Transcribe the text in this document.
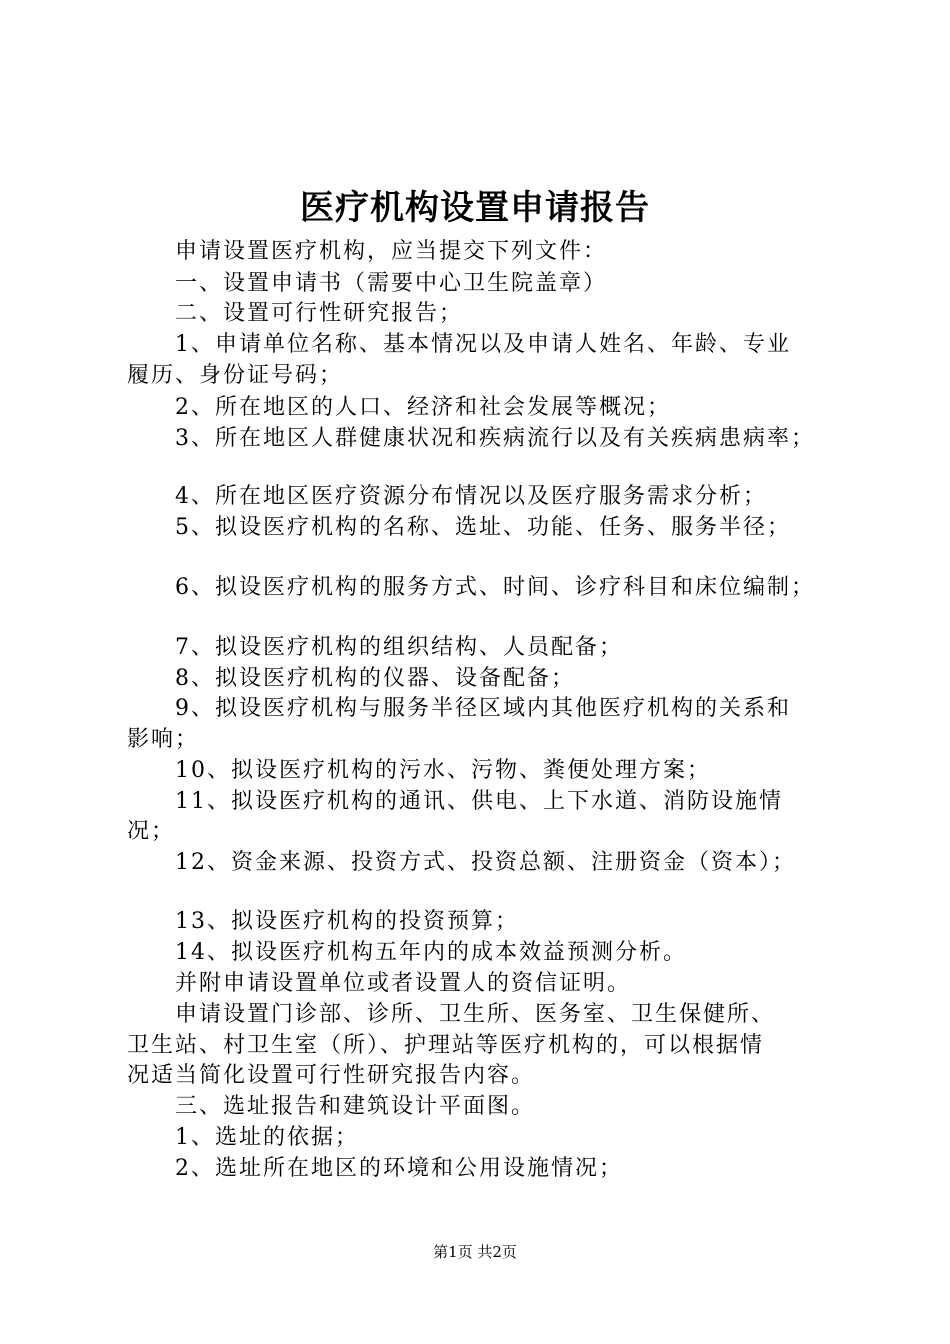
医疗机构设置申请报告
　　申请设置医疗机构，应当提交下列文件：
　　一、设置申请书（需要中心卫生院盖章）
　　二、设置可行性研究报告；
　　1、申请单位名称、基本情况以及申请人姓名、年龄、专业
履历、身份证号码；
　　2、所在地区的人口、经济和社会发展等概况；
　　3、所在地区人群健康状况和疾病流行以及有关疾病患病率；
　　4、所在地区医疗资源分布情况以及医疗服务需求分析；
　　5、拟设医疗机构的名称、选址、功能、任务、服务半径；
　　6、拟设医疗机构的服务方式、时间、诊疗科目和床位编制；
　　7、拟设医疗机构的组织结构、人员配备；
　　8、拟设医疗机构的仪器、设备配备；
　　9、拟设医疗机构与服务半径区域内其他医疗机构的关系和
影响；
　　10、拟设医疗机构的污水、污物、粪便处理方案；
　　11、拟设医疗机构的通讯、供电、上下水道、消防设施情
况；
　　12、资金来源、投资方式、投资总额、注册资金（资本）；
　　13、拟设医疗机构的投资预算；
　　14、拟设医疗机构五年内的成本效益预测分析。
　　并附申请设置单位或者设置人的资信证明。
　　申请设置门诊部、诊所、卫生所、医务室、卫生保健所、
卫生站、村卫生室（所）、护理站等医疗机构的，可以根据情
况适当简化设置可行性研究报告内容。
　　三、选址报告和建筑设计平面图。
　　1、选址的依据；
　　2、选址所在地区的环境和公用设施情况；
第1页 共2页
